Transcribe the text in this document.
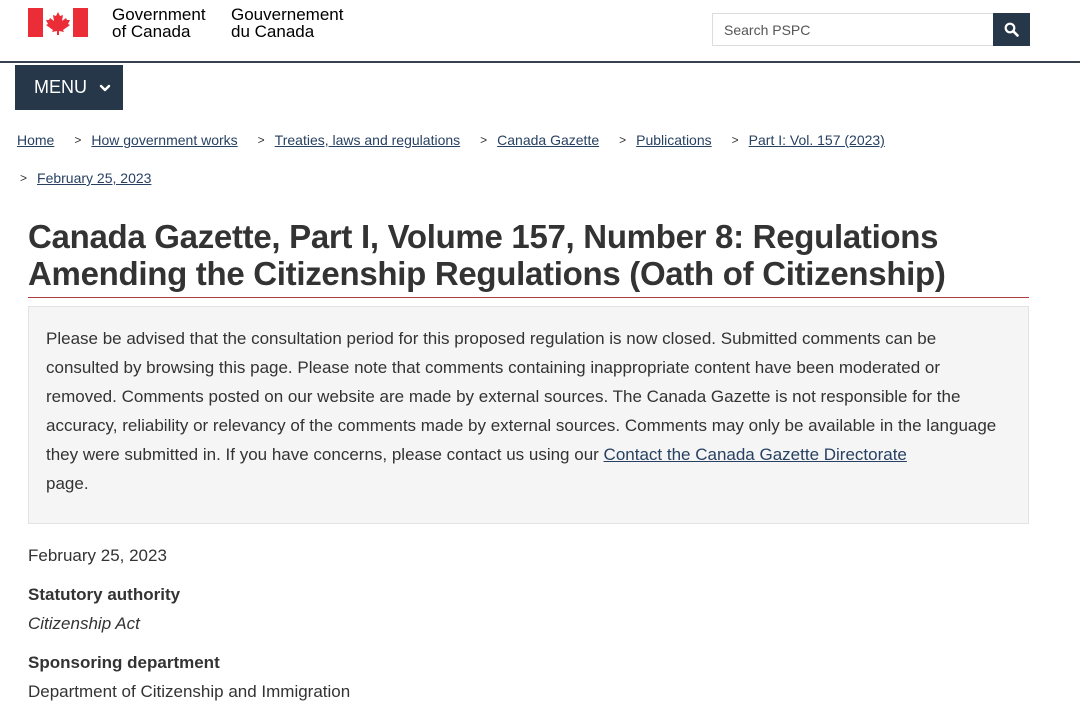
Government
of Canada
Gouvernement
du Canada
Search PSPC
MENU
Home > How government works > Treaties, laws and regulations > Canada Gazette > Publications > Part I: Vol. 157 (2023)
> February 25, 2023
Canada Gazette, Part I, Volume 157, Number 8: Regulations Amending the Citizenship Regulations (Oath of Citizenship)
Please be advised that the consultation period for this proposed regulation is now closed. Submitted comments can be consulted by browsing this page. Please note that comments containing inappropriate content have been moderated or removed. Comments posted on our website are made by external sources. The Canada Gazette is not responsible for the accuracy, reliability or relevancy of the comments made by external sources. Comments may only be available in the language they were submitted in. If you have concerns, please contact us using our Contact the Canada Gazette Directorate
page.
February 25, 2023
Statutory authority
Citizenship Act
Sponsoring department
Department of Citizenship and Immigration
